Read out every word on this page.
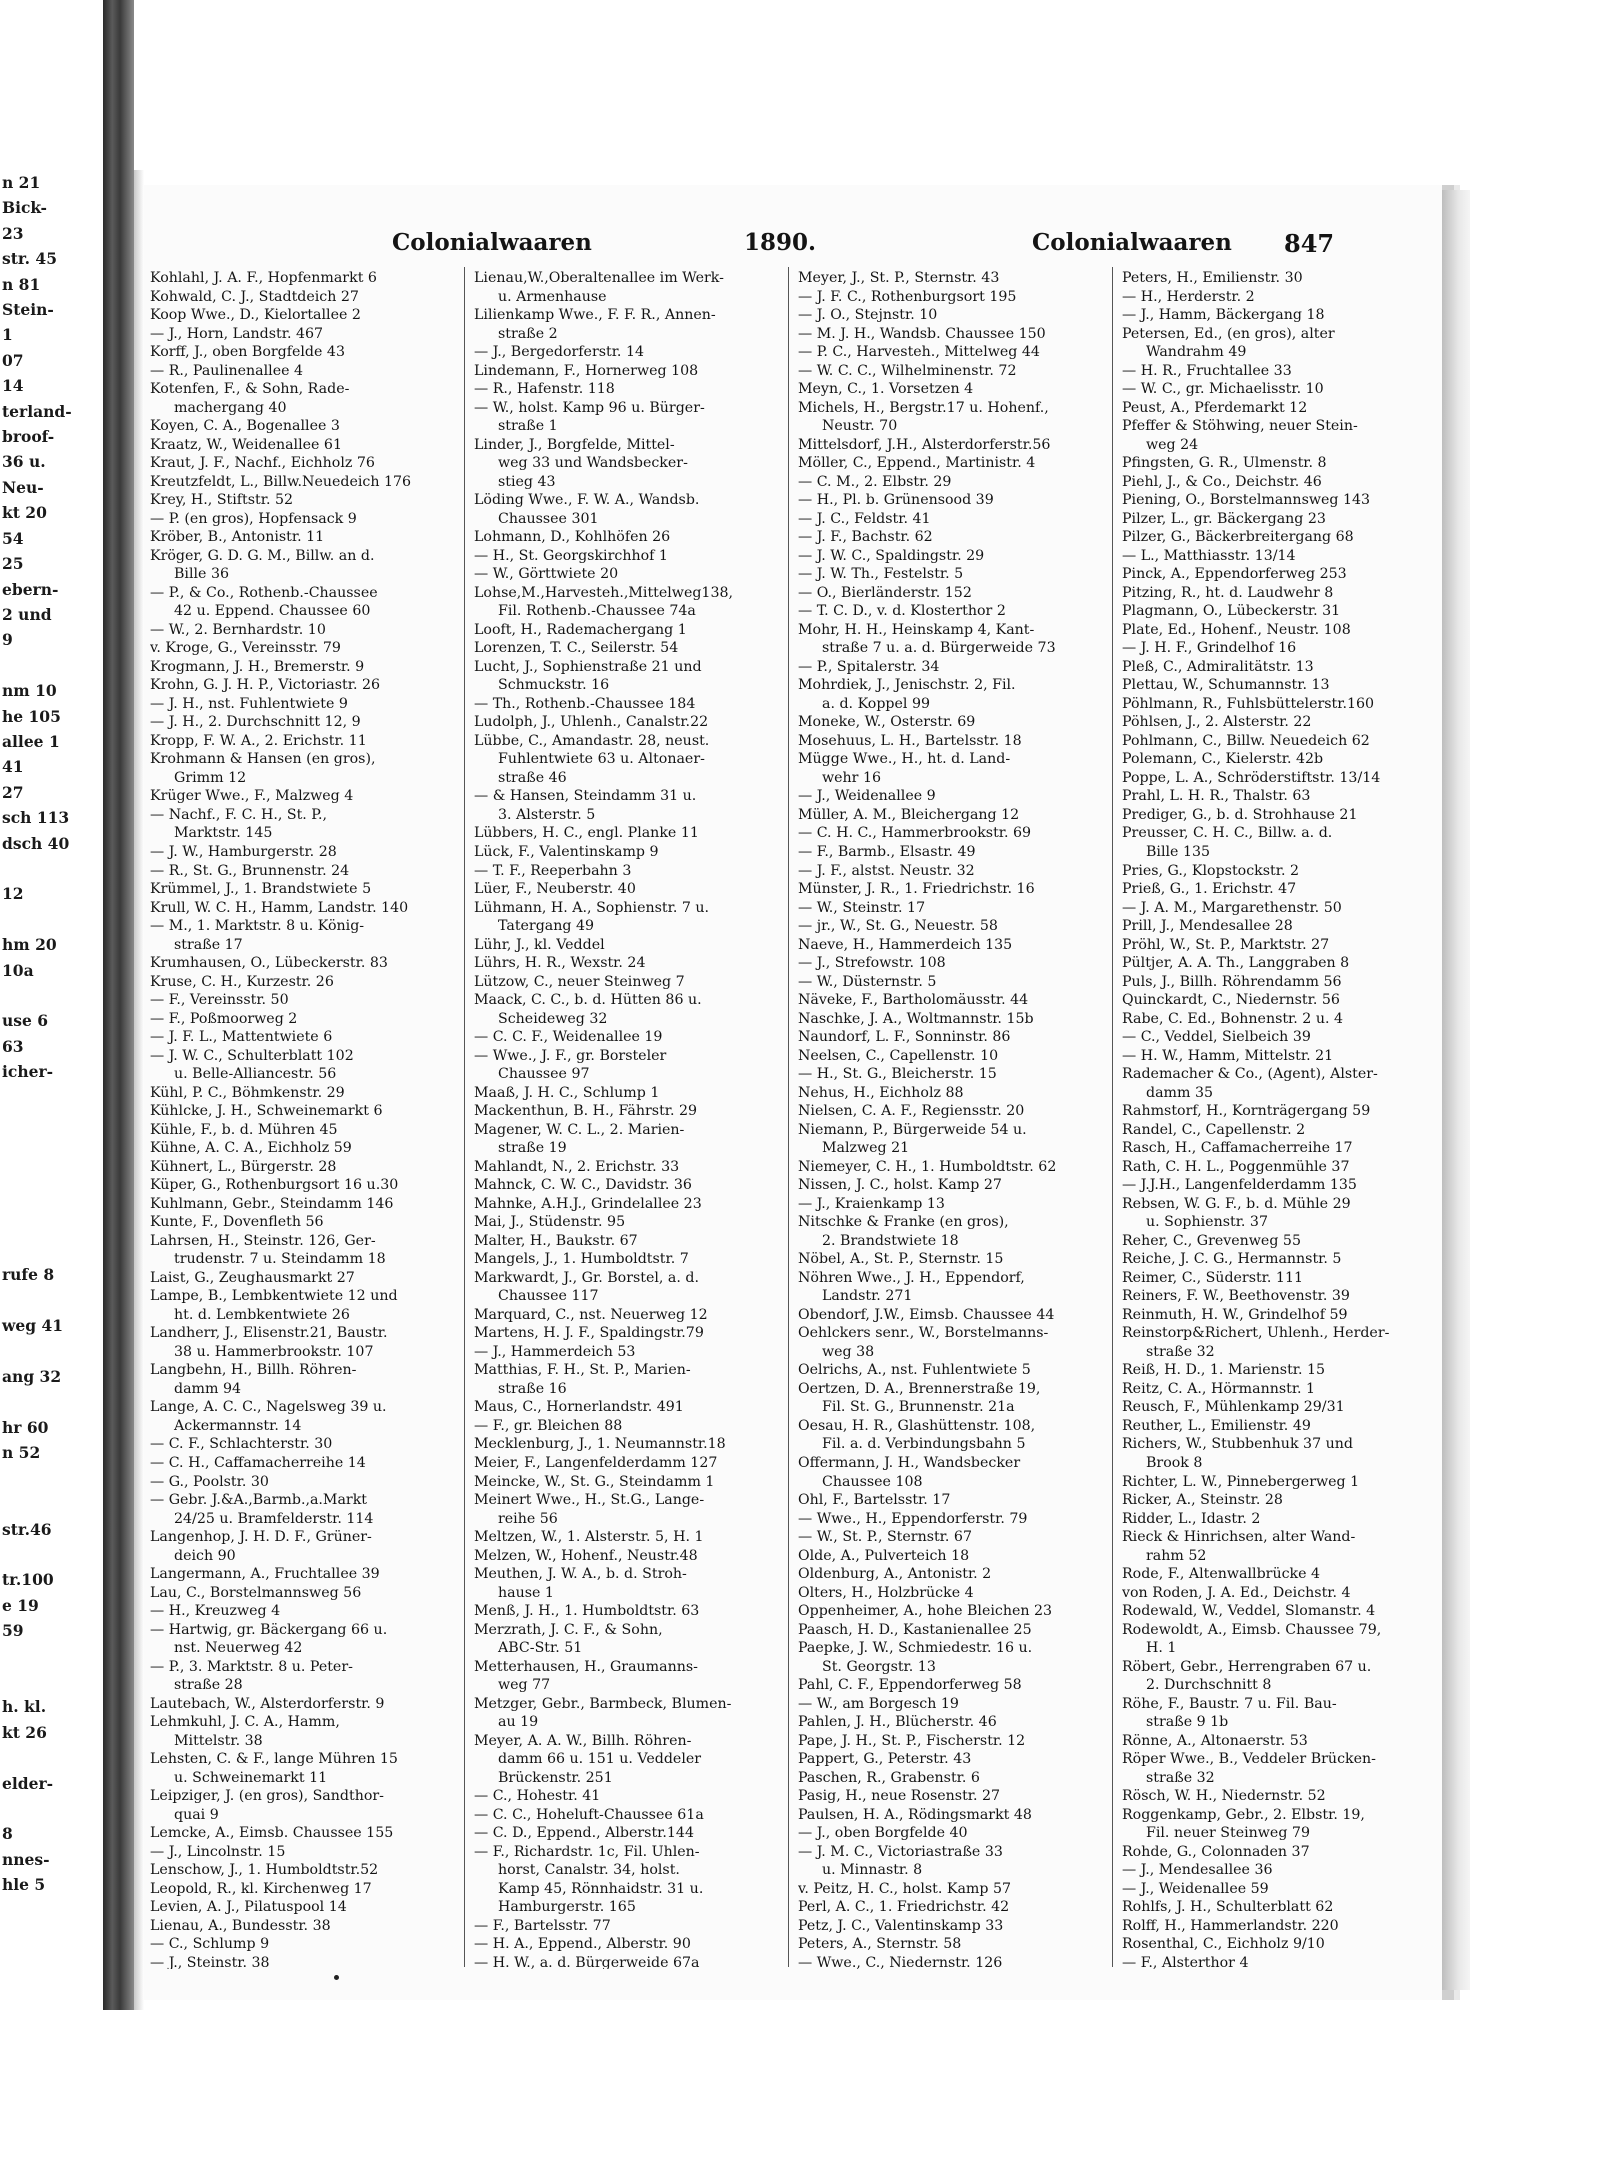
n 21
Bick-
23
str. 45
n 81
Stein-
1
07
14
terland-
broof-
36 u.
Neu-
kt 20
54
25
ebern-
2 und
9

nm 10
he 105
allee 1
41
27
sch 113
dsch 40

12

hm 20
10a

use 6
63
icher-

rufe 8

weg 41

ang 32

hr 60
n 52

str.46

tr.100
e 19
59

h. kl.
kt 26

elder-

8
nnes-
hle 5
Colonialwaaren	1890.	Colonialwaaren 847
Kohlahl, J. A. F., Hopfenmarkt 6
Kohwald, C. J., Stadtdeich 27
Koop Wwe., D., Kielortallee 2
— J., Horn, Landstr. 467
Korff, J., oben Borgfelde 43
— R., Paulinenallee 4
Kotenfen, F., & Sohn, Rade-
machergang 40
Koyen, C. A., Bogenallee 3
Kraatz, W., Weidenallee 61
Kraut, J. F., Nachf., Eichholz 76
Kreutzfeldt, L., Billw.Neuedeich 176
Krey, H., Stiftstr. 52
— P. (en gros), Hopfensack 9
Kröber, B., Antonistr. 11
Kröger, G. D. G. M., Billw. an d.
Bille 36
— P., & Co., Rothenb.-Chaussee
42 u. Eppend. Chaussee 60
— W., 2. Bernhardstr. 10
v. Kroge, G., Vereinsstr. 79
Krogmann, J. H., Bremerstr. 9
Krohn, G. J. H. P., Victoriastr. 26
— J. H., nst. Fuhlentwiete 9
— J. H., 2. Durchschnitt 12, 9
Kropp, F. W. A., 2. Erichstr. 11
Krohmann & Hansen (en gros),
Grimm 12
Krüger Wwe., F., Malzweg 4
— Nachf., F. C. H., St. P.,
Marktstr. 145
— J. W., Hamburgerstr. 28
— R., St. G., Brunnenstr. 24
Krümmel, J., 1. Brandstwiete 5
Krull, W. C. H., Hamm, Landstr. 140
— M., 1. Marktstr. 8 u. König-
straße 17
Krumhausen, O., Lübeckerstr. 83
Kruse, C. H., Kurzestr. 26
— F., Vereinsstr. 50
— F., Poßmoorweg 2
— J. F. L., Mattentwiete 6
— J. W. C., Schulterblatt 102
u. Belle-Alliancestr. 56
Kühl, P. C., Böhmkenstr. 29
Kühlcke, J. H., Schweinemarkt 6
Kühle, F., b. d. Mühren 45
Kühne, A. C. A., Eichholz 59
Kühnert, L., Bürgerstr. 28
Küper, G., Rothenburgsort 16 u.30
Kuhlmann, Gebr., Steindamm 146
Kunte, F., Dovenfleth 56
Lahrsen, H., Steinstr. 126, Ger-
trudenstr. 7 u. Steindamm 18
Laist, G., Zeughausmarkt 27
Lampe, B., Lembkentwiete 12 und
ht. d. Lembkentwiete 26
Landherr, J., Elisenstr.21, Baustr.
38 u. Hammerbrookstr. 107
Langbehn, H., Billh. Röhren-
damm 94
Lange, A. C. C., Nagelsweg 39 u.
Ackermannstr. 14
— C. F., Schlachterstr. 30
— C. H., Caffamacherreihe 14
— G., Poolstr. 30
— Gebr. J.&A.,Barmb.,a.Markt
24/25 u. Bramfelderstr. 114
Langenhop, J. H. D. F., Grüner-
deich 90
Langermann, A., Fruchtallee 39
Lau, C., Borstelmannsweg 56
— H., Kreuzweg 4
— Hartwig, gr. Bäckergang 66 u.
nst. Neuerweg 42
— P., 3. Marktstr. 8 u. Peter-
straße 28
Lautebach, W., Alsterdorferstr. 9
Lehmkuhl, J. C. A., Hamm,
Mittelstr. 38
Lehsten, C. & F., lange Mühren 15
u. Schweinemarkt 11
Leipziger, J. (en gros), Sandthor-
quai 9
Lemcke, A., Eimsb. Chaussee 155
— J., Lincolnstr. 15
Lenschow, J., 1. Humboldtstr.52
Leopold, R., kl. Kirchenweg 17
Levien, A. J., Pilatuspool 14
Lienau, A., Bundesstr. 38
— C., Schlump 9
— J., Steinstr. 38
Lienau,W.,Oberaltenallee im Werk-
u. Armenhause
Lilienkamp Wwe., F. F. R., Annen-
straße 2
— J., Bergedorferstr. 14
Lindemann, F., Hornerweg 108
— R., Hafenstr. 118
— W., holst. Kamp 96 u. Bürger-
straße 1
Linder, J., Borgfelde, Mittel-
weg 33 und Wandsbecker-
stieg 43
Löding Wwe., F. W. A., Wandsb.
Chaussee 301
Lohmann, D., Kohlhöfen 26
— H., St. Georgskirchhof 1
— W., Görttwiete 20
Lohse,M.,Harvesteh.,Mittelweg138,
Fil. Rothenb.-Chaussee 74a
Looft, H., Rademachergang 1
Lorenzen, T. C., Seilerstr. 54
Lucht, J., Sophienstraße 21 und
Schmuckstr. 16
— Th., Rothenb.-Chaussee 184
Ludolph, J., Uhlenh., Canalstr.22
Lübbe, C., Amandastr. 28, neust.
Fuhlentwiete 63 u. Altonaer-
straße 46
— & Hansen, Steindamm 31 u.
3. Alsterstr. 5
Lübbers, H. C., engl. Planke 11
Lück, F., Valentinskamp 9
— T. F., Reeperbahn 3
Lüer, F., Neuberstr. 40
Lühmann, H. A., Sophienstr. 7 u.
Tatergang 49
Lühr, J., kl. Veddel
Lührs, H. R., Wexstr. 24
Lützow, C., neuer Steinweg 7
Maack, C. C., b. d. Hütten 86 u.
Scheideweg 32
— C. C. F., Weidenallee 19
— Wwe., J. F., gr. Borsteler
Chaussee 97
Maaß, J. H. C., Schlump 1
Mackenthun, B. H., Fährstr. 29
Magener, W. C. L., 2. Marien-
straße 19
Mahlandt, N., 2. Erichstr. 33
Mahnck, C. W. C., Davidstr. 36
Mahnke, A.H.J., Grindelallee 23
Mai, J., Stüdenstr. 95
Malter, H., Baukstr. 67
Mangels, J., 1. Humboldtstr. 7
Markwardt, J., Gr. Borstel, a. d.
Chaussee 117
Marquard, C., nst. Neuerweg 12
Martens, H. J. F., Spaldingstr.79
— J., Hammerdeich 53
Matthias, F. H., St. P., Marien-
straße 16
Maus, C., Hornerlandstr. 491
— F., gr. Bleichen 88
Mecklenburg, J., 1. Neumannstr.18
Meier, F., Langenfelderdamm 127
Meincke, W., St. G., Steindamm 1
Meinert Wwe., H., St.G., Lange-
reihe 56
Meltzen, W., 1. Alsterstr. 5, H. 1
Melzen, W., Hohenf., Neustr.48
Meuthen, J. W. A., b. d. Stroh-
hause 1
Menß, J. H., 1. Humboldtstr. 63
Merzrath, J. C. F., & Sohn,
ABC-Str. 51
Metterhausen, H., Graumanns-
weg 77
Metzger, Gebr., Barmbeck, Blumen-
au 19
Meyer, A. A. W., Billh. Röhren-
damm 66 u. 151 u. Veddeler
Brückenstr. 251
— C., Hohestr. 41
— C. C., Hoheluft-Chaussee 61a
— C. D., Eppend., Alberstr.144
— F., Richardstr. 1c, Fil. Uhlen-
horst, Canalstr. 34, holst.
Kamp 45, Rönnhaidstr. 31 u.
Hamburgerstr. 165
— F., Bartelsstr. 77
— H. A., Eppend., Alberstr. 90
— H. W., a. d. Bürgerweide 67a
Meyer, J., St. P., Sternstr. 43
— J. F. C., Rothenburgsort 195
— J. O., Stejnstr. 10
— M. J. H., Wandsb. Chaussee 150
— P. C., Harvesteh., Mittelweg 44
— W. C. C., Wilhelminenstr. 72
Meyn, C., 1. Vorsetzen 4
Michels, H., Bergstr.17 u. Hohenf.,
Neustr. 70
Mittelsdorf, J.H., Alsterdorferstr.56
Möller, C., Eppend., Martinistr. 4
— C. M., 2. Elbstr. 29
— H., Pl. b. Grünensood 39
— J. C., Feldstr. 41
— J. F., Bachstr. 62
— J. W. C., Spaldingstr. 29
— J. W. Th., Festelstr. 5
— O., Bierländerstr. 152
— T. C. D., v. d. Klosterthor 2
Mohr, H. H., Heinskamp 4, Kant-
straße 7 u. a. d. Bürgerweide 73
— P., Spitalerstr. 34
Mohrdiek, J., Jenischstr. 2, Fil.
a. d. Koppel 99
Moneke, W., Osterstr. 69
Mosehuus, L. H., Bartelsstr. 18
Mügge Wwe., H., ht. d. Land-
wehr 16
— J., Weidenallee 9
Müller, A. M., Bleichergang 12
— C. H. C., Hammerbrookstr. 69
— F., Barmb., Elsastr. 49
— J. F., alstst. Neustr. 32
Münster, J. R., 1. Friedrichstr. 16
— W., Steinstr. 17
— jr., W., St. G., Neuestr. 58
Naeve, H., Hammerdeich 135
— J., Strefowstr. 108
— W., Düsternstr. 5
Näveke, F., Bartholomäusstr. 44
Naschke, J. A., Woltmannstr. 15b
Naundorf, L. F., Sonninstr. 86
Neelsen, C., Capellenstr. 10
— H., St. G., Bleicherstr. 15
Nehus, H., Eichholz 88
Nielsen, C. A. F., Regiensstr. 20
Niemann, P., Bürgerweide 54 u.
Malzweg 21
Niemeyer, C. H., 1. Humboldtstr. 62
Nissen, J. C., holst. Kamp 27
— J., Kraienkamp 13
Nitschke & Franke (en gros),
2. Brandstwiete 18
Nöbel, A., St. P., Sternstr. 15
Nöhren Wwe., J. H., Eppendorf,
Landstr. 271
Obendorf, J.W., Eimsb. Chaussee 44
Oehlckers senr., W., Borstelmanns-
weg 38
Oelrichs, A., nst. Fuhlentwiete 5
Oertzen, D. A., Brennerstraße 19,
Fil. St. G., Brunnenstr. 21a
Oesau, H. R., Glashüttenstr. 108,
Fil. a. d. Verbindungsbahn 5
Offermann, J. H., Wandsbecker
Chaussee 108
Ohl, F., Bartelsstr. 17
— Wwe., H., Eppendorferstr. 79
— W., St. P., Sternstr. 67
Olde, A., Pulverteich 18
Oldenburg, A., Antonistr. 2
Olters, H., Holzbrücke 4
Oppenheimer, A., hohe Bleichen 23
Paasch, H. D., Kastanienallee 25
Paepke, J. W., Schmiedestr. 16 u.
St. Georgstr. 13
Pahl, C. F., Eppendorferweg 58
— W., am Borgesch 19
Pahlen, J. H., Blücherstr. 46
Pape, J. H., St. P., Fischerstr. 12
Pappert, G., Peterstr. 43
Paschen, R., Grabenstr. 6
Pasig, H., neue Rosenstr. 27
Paulsen, H. A., Rödingsmarkt 48
— J., oben Borgfelde 40
— J. M. C., Victoriastraße 33
u. Minnastr. 8
v. Peitz, H. C., holst. Kamp 57
Perl, A. C., 1. Friedrichstr. 42
Petz, J. C., Valentinskamp 33
Peters, A., Sternstr. 58
— Wwe., C., Niedernstr. 126
Peters, H., Emilienstr. 30
— H., Herderstr. 2
— J., Hamm, Bäckergang 18
Petersen, Ed., (en gros), alter
Wandrahm 49
— H. R., Fruchtallee 33
— W. C., gr. Michaelisstr. 10
Peust, A., Pferdemarkt 12
Pfeffer & Stöhwing, neuer Stein-
weg 24
Pfingsten, G. R., Ulmenstr. 8
Piehl, J., & Co., Deichstr. 46
Piening, O., Borstelmannsweg 143
Pilzer, L., gr. Bäckergang 23
Pilzer, G., Bäckerbreitergang 68
— L., Matthiasstr. 13/14
Pinck, A., Eppendorferweg 253
Pitzing, R., ht. d. Laudwehr 8
Plagmann, O., Lübeckerstr. 31
Plate, Ed., Hohenf., Neustr. 108
— J. H. F., Grindelhof 16
Pleß, C., Admiralitätstr. 13
Plettau, W., Schumannstr. 13
Pöhlmann, R., Fuhlsbüttelerstr.160
Pöhlsen, J., 2. Alsterstr. 22
Pohlmann, C., Billw. Neuedeich 62
Polemann, C., Kielerstr. 42b
Poppe, L. A., Schröderstiftstr. 13/14
Prahl, L. H. R., Thalstr. 63
Prediger, G., b. d. Strohhause 21
Preusser, C. H. C., Billw. a. d.
Bille 135
Pries, G., Klopstockstr. 2
Prieß, G., 1. Erichstr. 47
— J. A. M., Margarethenstr. 50
Prill, J., Mendesallee 28
Pröhl, W., St. P., Marktstr. 27
Pültjer, A. A. Th., Langgraben 8
Puls, J., Billh. Röhrendamm 56
Quinckardt, C., Niedernstr. 56
Rabe, C. Ed., Bohnenstr. 2 u. 4
— C., Veddel, Sielbeich 39
— H. W., Hamm, Mittelstr. 21
Rademacher & Co., (Agent), Alster-
damm 35
Rahmstorf, H., Kornträgergang 59
Randel, C., Capellenstr. 2
Rasch, H., Caffamacherreihe 17
Rath, C. H. L., Poggenmühle 37
— J.J.H., Langenfelderdamm 135
Rebsen, W. G. F., b. d. Mühle 29
u. Sophienstr. 37
Reher, C., Grevenweg 55
Reiche, J. C. G., Hermannstr. 5
Reimer, C., Süderstr. 111
Reiners, F. W., Beethovenstr. 39
Reinmuth, H. W., Grindelhof 59
Reinstorp&Richert, Uhlenh., Herder-
straße 32
Reiß, H. D., 1. Marienstr. 15
Reitz, C. A., Hörmannstr. 1
Reusch, F., Mühlenkamp 29/31
Reuther, L., Emilienstr. 49
Richers, W., Stubbenhuk 37 und
Brook 8
Richter, L. W., Pinnebergerweg 1
Ricker, A., Steinstr. 28
Ridder, L., Idastr. 2
Rieck & Hinrichsen, alter Wand-
rahm 52
Rode, F., Altenwallbrücke 4
von Roden, J. A. Ed., Deichstr. 4
Rodewald, W., Veddel, Slomanstr. 4
Rodewoldt, A., Eimsb. Chaussee 79,
H. 1
Röbert, Gebr., Herrengraben 67 u.
2. Durchschnitt 8
Röhe, F., Baustr. 7 u. Fil. Bau-
straße 9 1b
Rönne, A., Altonaerstr. 53
Röper Wwe., B., Veddeler Brücken-
straße 32
Rösch, W. H., Niedernstr. 52
Roggenkamp, Gebr., 2. Elbstr. 19,
Fil. neuer Steinweg 79
Rohde, G., Colonnaden 37
— J., Mendesallee 36
— J., Weidenallee 59
Rohlfs, J. H., Schulterblatt 62
Rolff, H., Hammerlandstr. 220
Rosenthal, C., Eichholz 9/10
— F., Alsterthor 4
